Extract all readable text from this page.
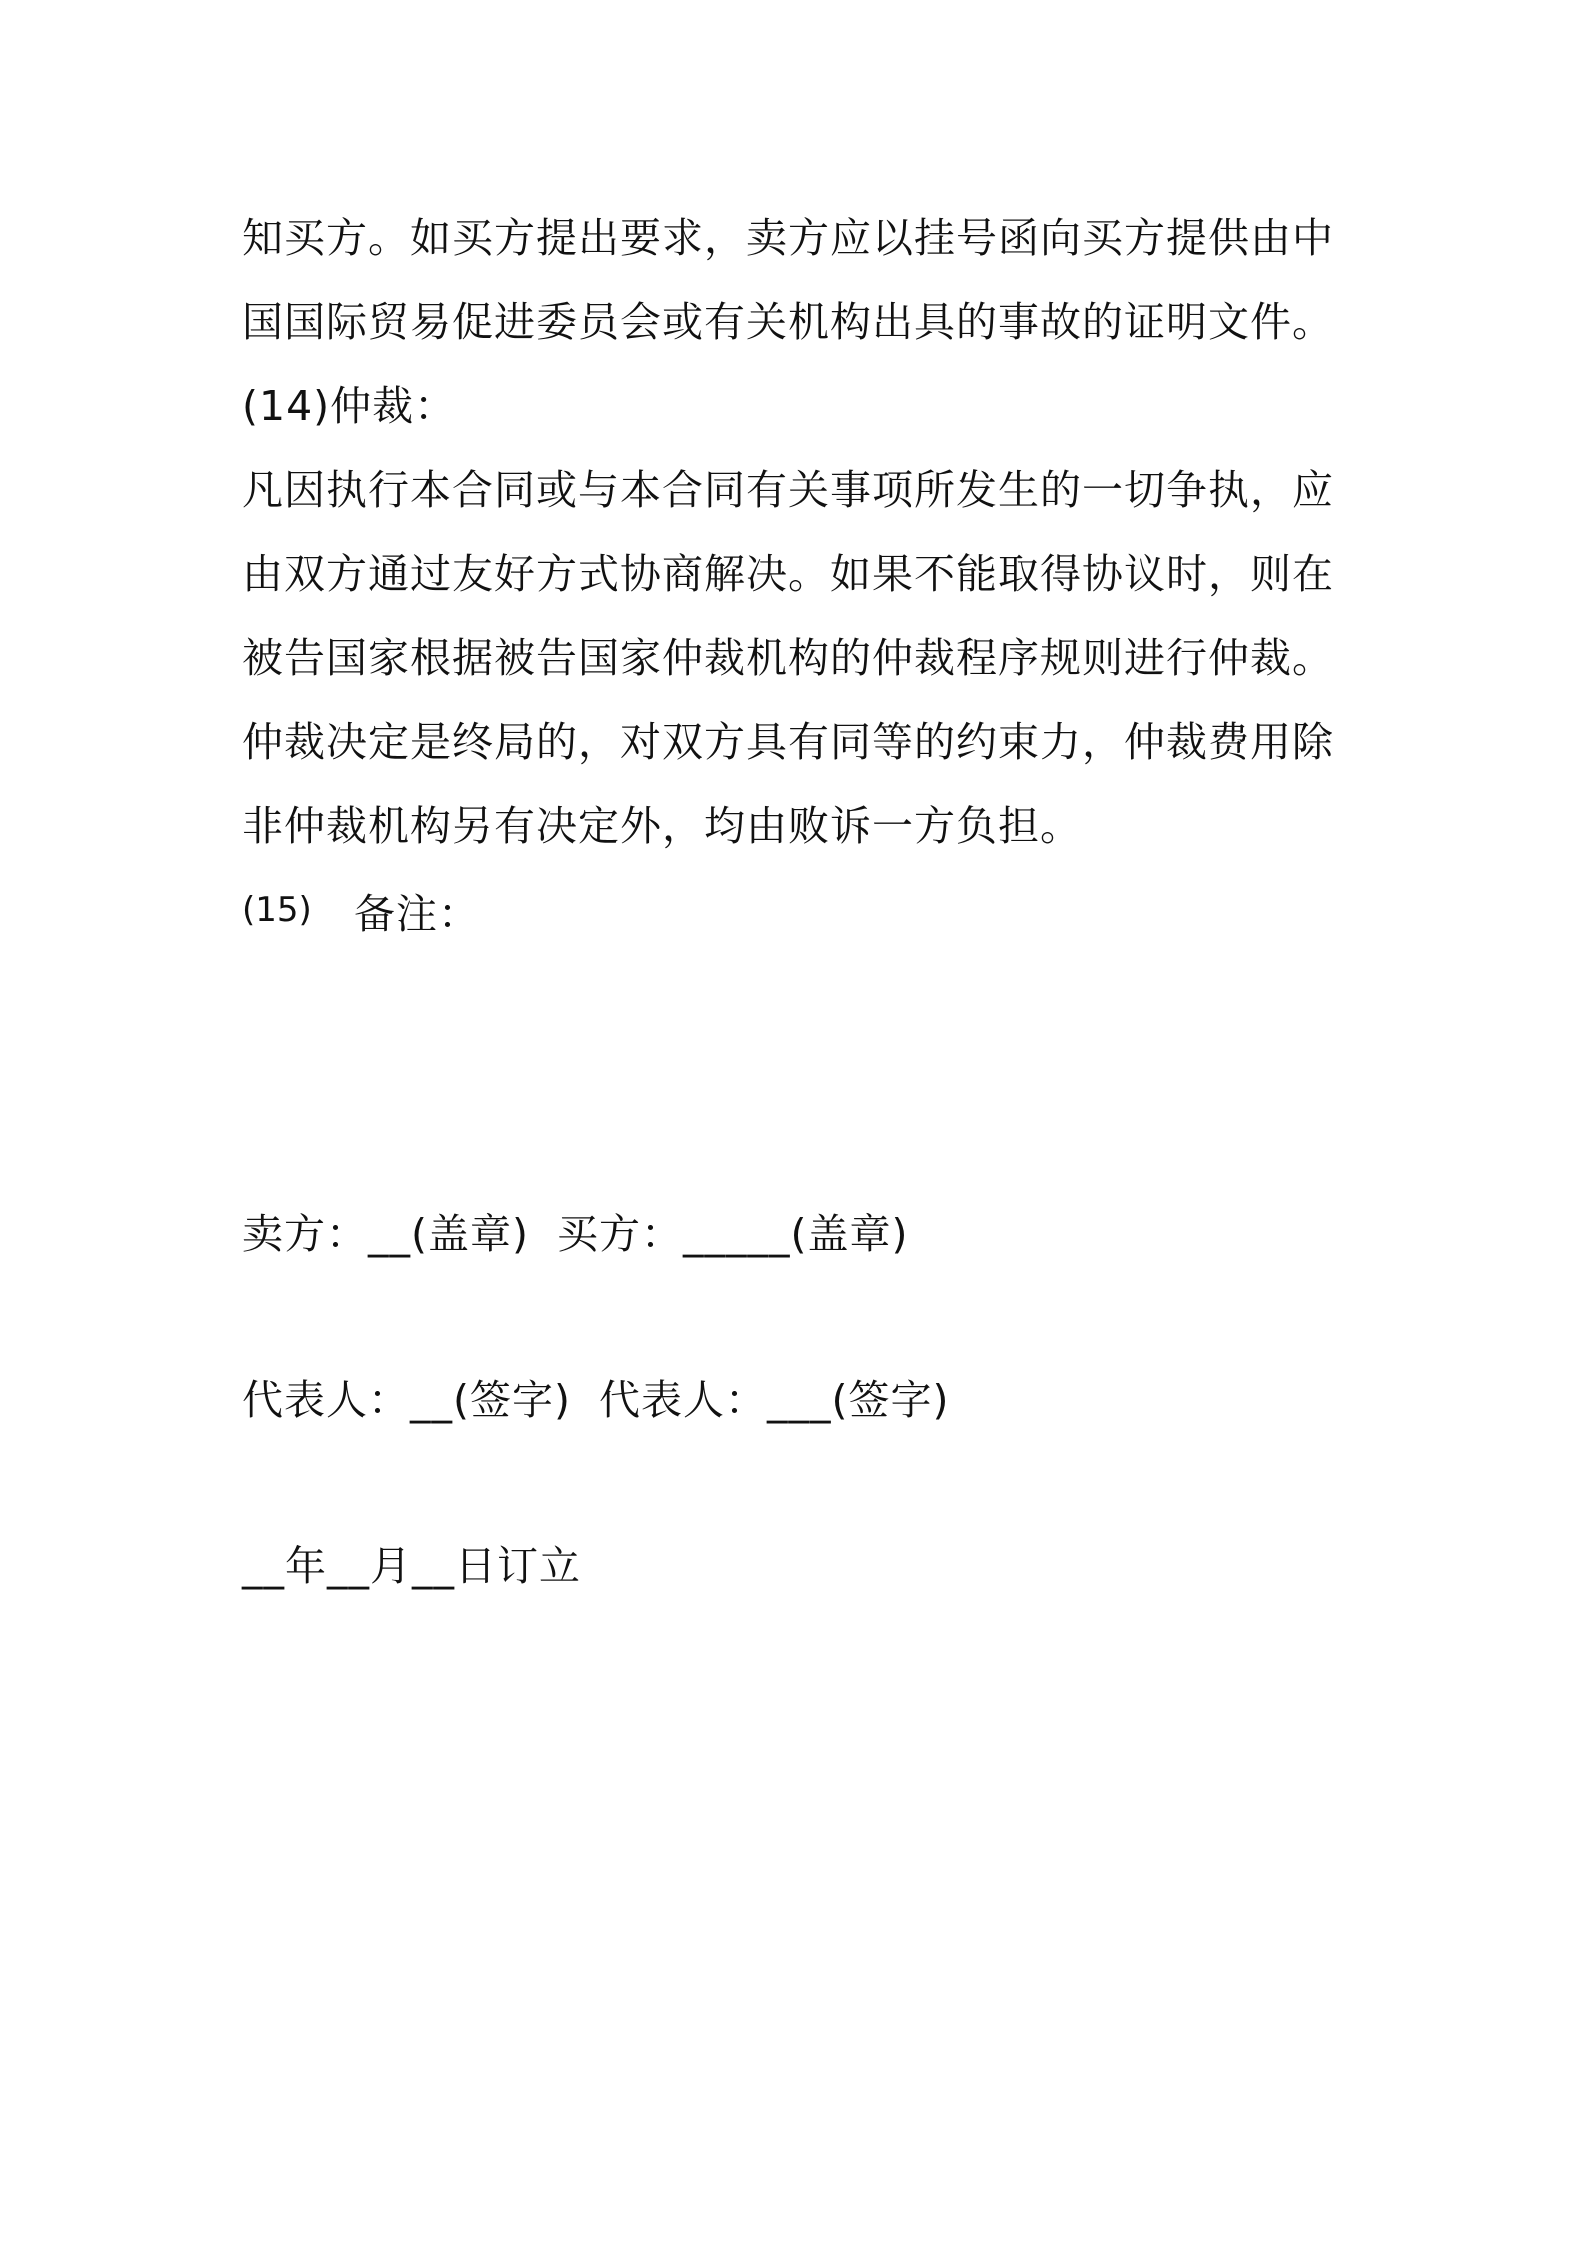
知买方。如买方提出要求，卖方应以挂号函向买方提供由中
国国际贸易促进委员会或有关机构出具的事故的证明文件。
(14)仲裁：
凡因执行本合同或与本合同有关事项所发生的一切争执，应
由双方通过友好方式协商解决。如果不能取得协议时，则在
被告国家根据被告国家仲裁机构的仲裁程序规则进行仲裁。
仲裁决定是终局的，对双方具有同等的约束力，仲裁费用除
非仲裁机构另有决定外，均由败诉一方负担。
(15)	备注：
卖方：__(盖章)  买方：_____(盖章)
代表人：__(签字)  代表人：___(签字)
__年__月__日订立
